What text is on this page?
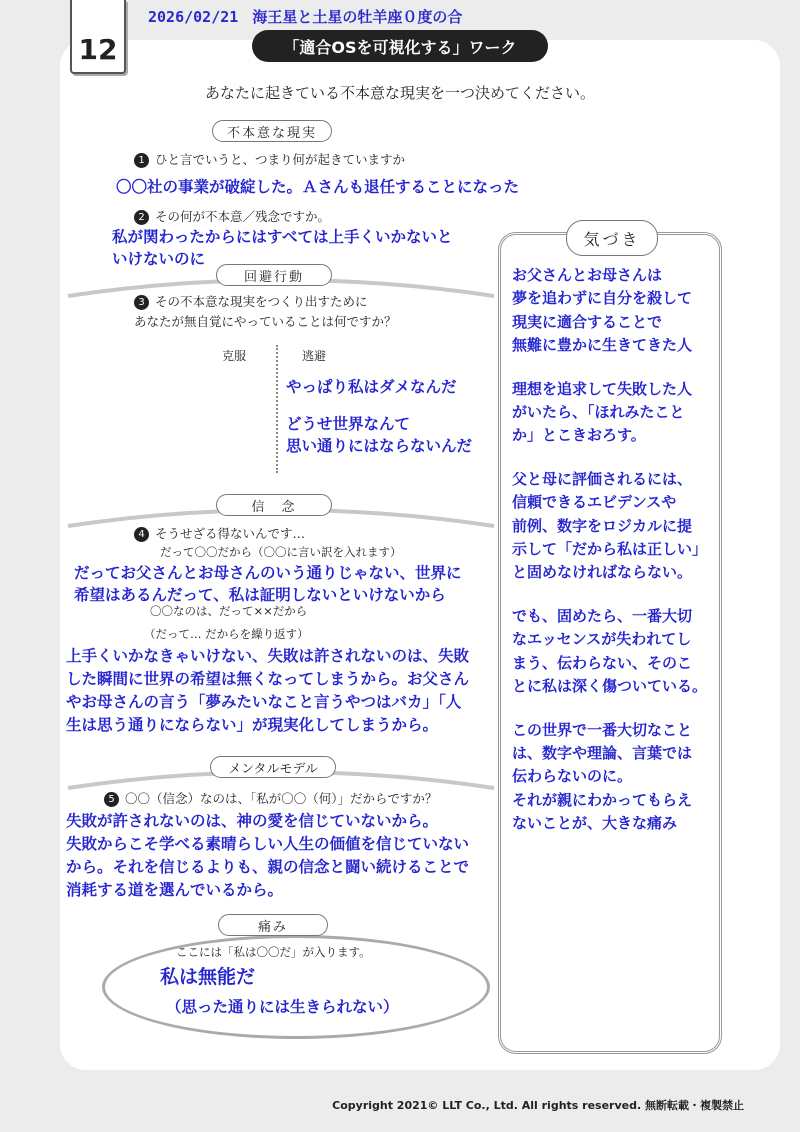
12
2026/02/21 海王星と土星の牡羊座０度の合
「適合OSを可視化する」ワーク
あなたに起きている不本意な現実を一つ決めてください。
不本意な現実
1 ひと言でいうと、つまり何が起きていますか
〇〇社の事業が破綻した。Ａさんも退任することになった
2 その何が不本意／残念ですか。
私が関わったからにはすべては上手くいかないと
いけないのに
回避行動
3 その不本意な現実をつくり出すために
あなたが無自覚にやっていることは何ですか？
克服	逃避
やっぱり私はダメなんだ
どうせ世界なんて
思い通りにはならないんだ
信　念
4 そうせざる得ないんです…
だって〇〇だから（〇〇に言い訳を入れます）
だってお父さんとお母さんのいう通りじゃない、世界に
希望はあるんだって、私は証明しないといけないから
〇〇なのは、だって××だから
（だって… だからを繰り返す）
上手くいかなきゃいけない、失敗は許されないのは、失敗
した瞬間に世界の希望は無くなってしまうから。お父さん
やお母さんの言う「夢みたいなこと言うやつはバカ」「人
生は思う通りにならない」が現実化してしまうから。
メンタルモデル
5 〇〇（信念）なのは、「私が〇〇（何）」だからですか？
失敗が許されないのは、神の愛を信じていないから。
失敗からこそ学べる素晴らしい人生の価値を信じていない
から。それを信じるよりも、親の信念と闘い続けることで
消耗する道を選んでいるから。
痛み
ここには「私は〇〇だ」が入ります。
私は無能だ
（思った通りには生きられない）
気づき

お父さんとお母さんは

夢を追わずに自分を殺して

現実に適合することで

無難に豊かに生きてきた人

理想を追求して失敗した人

がいたら、「ほれみたこと

か」とこきおろす。

父と母に評価されるには、

信頼できるエビデンスや

前例、数字をロジカルに提

示して「だから私は正しい」

と固めなければならない。

でも、固めたら、一番大切

なエッセンスが失われてし

まう、伝わらない、そのこ

とに私は深く傷ついている。

この世界で一番大切なこと

は、数字や理論、言葉では

伝わらないのに。

それが親にわかってもらえ

ないことが、大きな痛み

Copyright 2021© LLT Co., Ltd. All rights reserved. 無断転載・複製禁止
